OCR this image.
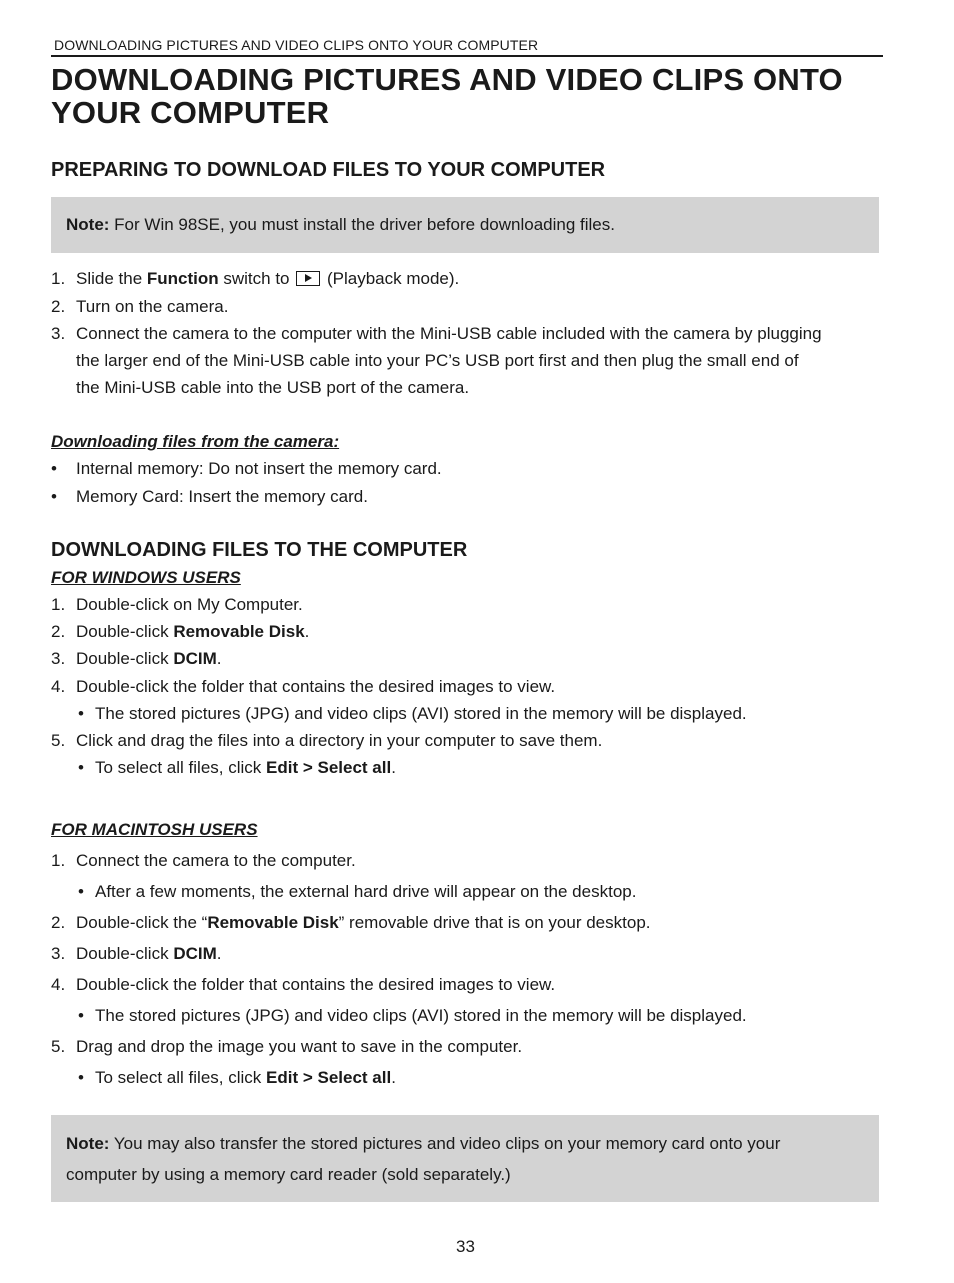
DOWNLOADING PICTURES AND VIDEO CLIPS ONTO YOUR COMPUTER
DOWNLOADING PICTURES AND VIDEO CLIPS ONTO
YOUR COMPUTER
PREPARING TO DOWNLOAD FILES TO YOUR COMPUTER
Note: For Win 98SE, you must install the driver before downloading files.
1. Slide the Function switch to  (Playback mode).
2. Turn on the camera.
3. Connect the camera to the computer with the Mini-USB cable included with the camera by plugging
the larger end of the Mini-USB cable into your PC’s USB port first and then plug the small end of
the Mini-USB cable into the USB port of the camera.
Downloading files from the camera:
• Internal memory: Do not insert the memory card.
• Memory Card: Insert the memory card.
DOWNLOADING FILES TO THE COMPUTER
FOR WINDOWS USERS
1. Double-click on My Computer.
2. Double-click Removable Disk.
3. Double-click DCIM.
4. Double-click the folder that contains the desired images to view.
• The stored pictures (JPG) and video clips (AVI) stored in the memory will be displayed.
5. Click and drag the files into a directory in your computer to save them.
• To select all files, click Edit > Select all.
FOR MACINTOSH USERS
1. Connect the camera to the computer.
• After a few moments, the external hard drive will appear on the desktop.
2. Double-click the “Removable Disk” removable drive that is on your desktop.
3. Double-click DCIM.
4. Double-click the folder that contains the desired images to view.
• The stored pictures (JPG) and video clips (AVI) stored in the memory will be displayed.
5. Drag and drop the image you want to save in the computer.
• To select all files, click Edit > Select all.
Note: You may also transfer the stored pictures and video clips on your memory card onto your
computer by using a memory card reader (sold separately.)
33
